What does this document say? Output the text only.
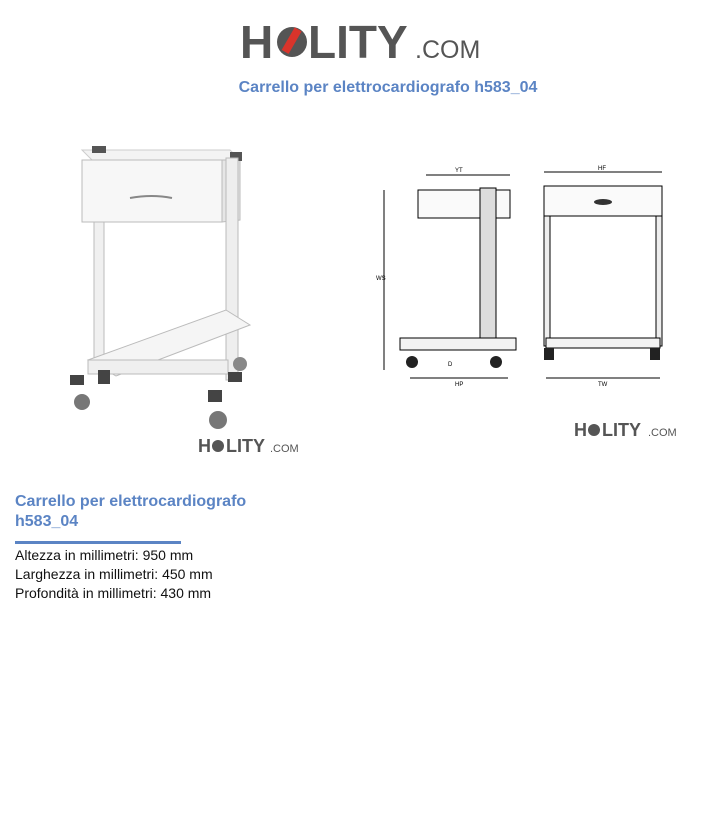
H LITY .COM
Carrello per elettrocardiografo h583_04
H LITY .COM
YT
WS
D
HP
HF
TW
H LITY .COM
Carrello per elettrocardiografo
h583_04
Altezza in millimetri: 950 mm
Larghezza in millimetri: 450 mm
Profondità in millimetri: 430 mm
